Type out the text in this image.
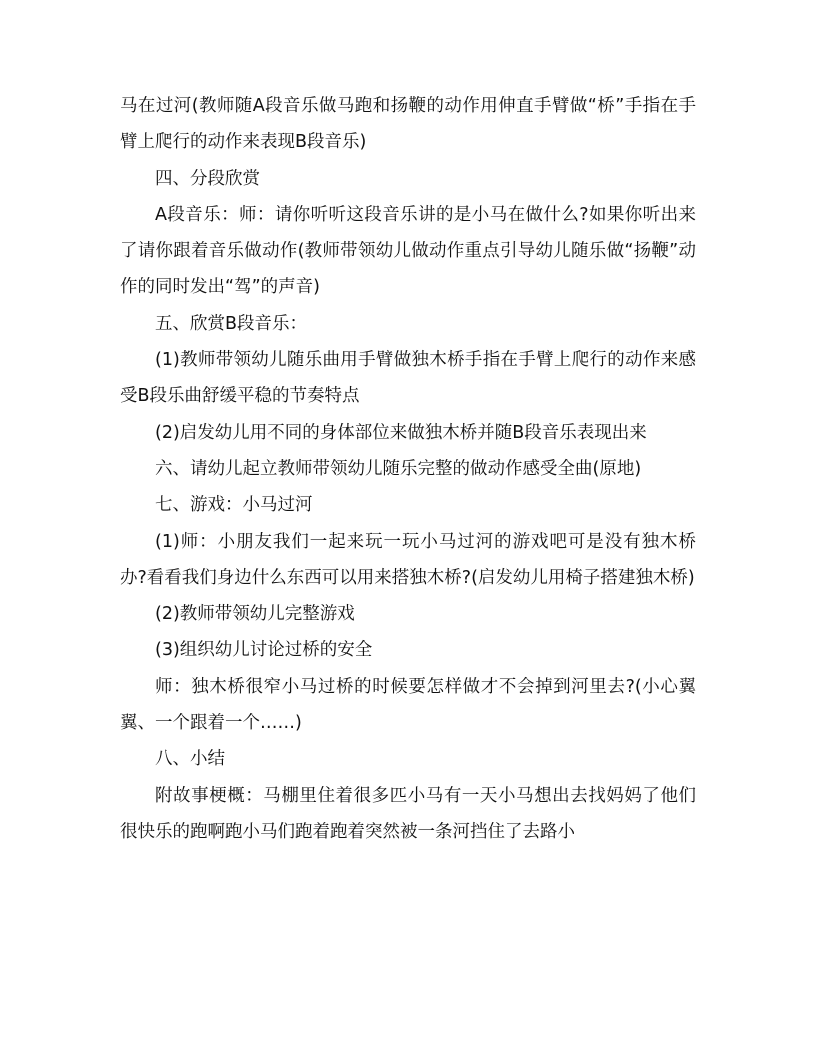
马在过河(教师随A段音乐做马跑和扬鞭的动作用伸直手臂做“桥”手指在手臂上爬行的动作来表现B段音乐)

四、分段欣赏

A段音乐：师：请你听听这段音乐讲的是小马在做什么?如果你听出来了请你跟着音乐做动作(教师带领幼儿做动作重点引导幼儿随乐做“扬鞭”动作的同时发出“驾”的声音)

五、欣赏B段音乐：

(1)教师带领幼儿随乐曲用手臂做独木桥手指在手臂上爬行的动作来感受B段乐曲舒缓平稳的节奏特点

(2)启发幼儿用不同的身体部位来做独木桥并随B段音乐表现出来

六、请幼儿起立教师带领幼儿随乐完整的做动作感受全曲(原地)

七、游戏：小马过河

(1)师：小朋友我们一起来玩一玩小马过河的游戏吧可是没有独木桥办?看看我们身边什么东西可以用来搭独木桥?(启发幼儿用椅子搭建独木桥)

(2)教师带领幼儿完整游戏

(3)组织幼儿讨论过桥的安全

师：独木桥很窄小马过桥的时候要怎样做才不会掉到河里去?(小心翼翼、一个跟着一个……)

八、小结

附故事梗概：马棚里住着很多匹小马有一天小马想出去找妈妈了他们很快乐的跑啊跑小马们跑着跑着突然被一条河挡住了去路小
